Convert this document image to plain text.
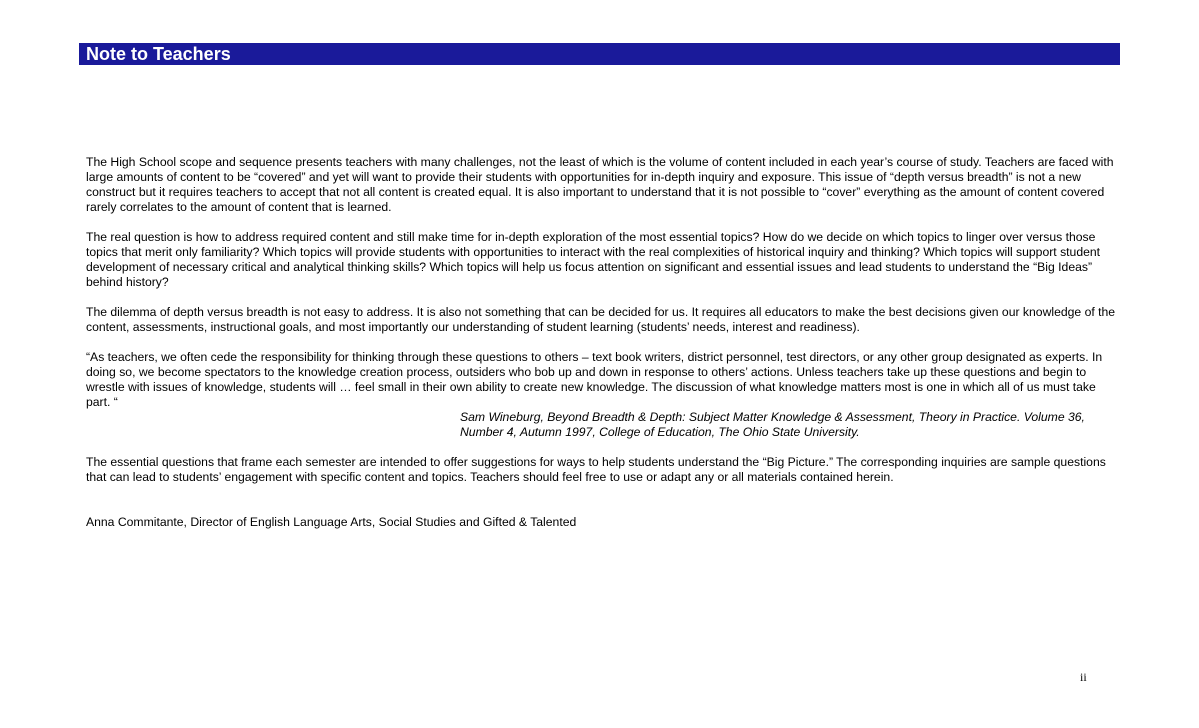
Note to Teachers

The High School scope and sequence presents teachers with many challenges, not the least of which is the volume of content included in each year’s course of study. Teachers are faced with large amounts of content to be “covered” and yet will want to provide their students with opportunities for in-depth inquiry and exposure. This issue of “depth versus breadth” is not a new construct but it requires teachers to accept that not all content is created equal. It is also important to understand that it is not possible to “cover” everything as the amount of content covered rarely correlates to the amount of content that is learned.

The real question is how to address required content and still make time for in-depth exploration of the most essential topics? How do we decide on which topics to linger over versus those topics that merit only familiarity? Which topics will provide students with opportunities to interact with the real complexities of historical inquiry and thinking? Which topics will support student development of necessary critical and analytical thinking skills? Which topics will help us focus attention on significant and essential issues and lead students to understand the “Big Ideas” behind history?

The dilemma of depth versus breadth is not easy to address. It is also not something that can be decided for us. It requires all educators to make the best decisions given our knowledge of the content, assessments, instructional goals, and most importantly our understanding of student learning (students’ needs, interest and readiness).

“As teachers, we often cede the responsibility for thinking through these questions to others – text book writers, district personnel, test directors, or any other group designated as experts. In doing so, we become spectators to the knowledge creation process, outsiders who bob up and down in response to others’ actions. Unless teachers take up these questions and begin to wrestle with issues of knowledge, students will … feel small in their own ability to create new knowledge. The discussion of what knowledge matters most is one in which all of us must take part. “

Sam Wineburg, Beyond Breadth & Depth: Subject Matter Knowledge & Assessment, Theory in Practice. Volume 36, Number 4, Autumn 1997, College of Education, The Ohio State University.

The essential questions that frame each semester are intended to offer suggestions for ways to help students understand the “Big Picture.” The corresponding inquiries are sample questions that can lead to students’ engagement with specific content and topics. Teachers should feel free to use or adapt any or all materials contained herein.

Anna Commitante, Director of English Language Arts, Social Studies and Gifted & Talented

ii
